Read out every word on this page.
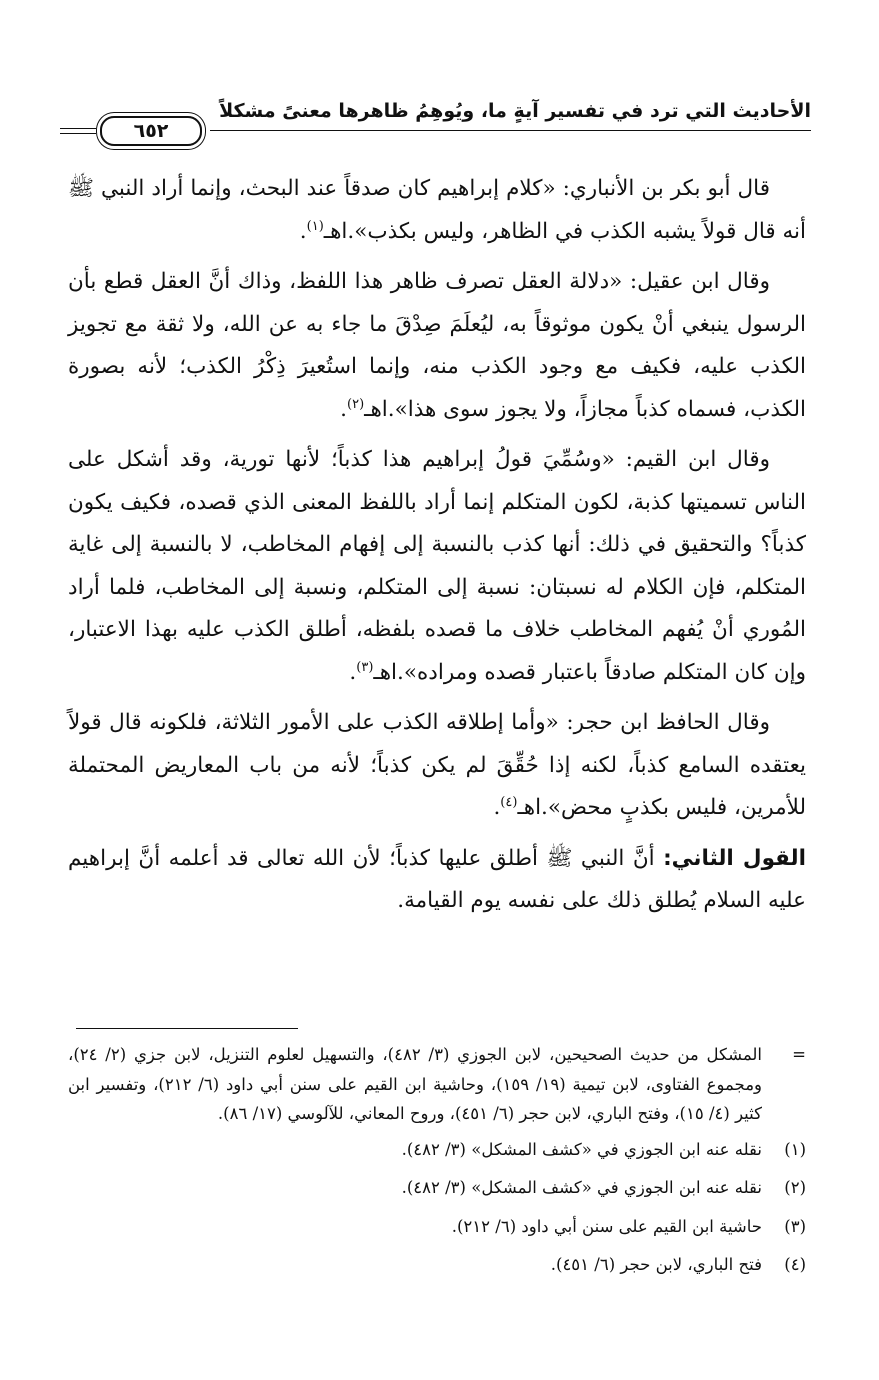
الأحاديث التي ترد في تفسير آيةٍ ما، ويُوهِمُ ظاهرها معنىً مشكلاً
٦٥٢

قال أبو بكر بن الأنباري: «كلام إبراهيم كان صدقاً عند البحث، وإنما أراد النبي ﷺ أنه قال قولاً يشبه الكذب في الظاهر، وليس بكذب».اهـ$^{(١)}$.

وقال ابن عقيل: «دلالة العقل تصرف ظاهر هذا اللفظ، وذاك أنَّ العقل قطع بأن الرسول ينبغي أنْ يكون موثوقاً به، ليُعلَمَ صِدْقَ ما جاء به عن الله، ولا ثقة مع تجويز الكذب عليه، فكيف مع وجود الكذب منه، وإنما استُعيرَ ذِكْرُ الكذب؛ لأنه بصورة الكذب، فسماه كذباً مجازاً، ولا يجوز سوى هذا».اهـ$^{(٢)}$.

وقال ابن القيم: «وسُمِّيَ قولُ إبراهيم هذا كذباً؛ لأنها تورية، وقد أشكل على الناس تسميتها كذبة، لكون المتكلم إنما أراد باللفظ المعنى الذي قصده، فكيف يكون كذباً؟ والتحقيق في ذلك: أنها كذب بالنسبة إلى إفهام المخاطب، لا بالنسبة إلى غاية المتكلم، فإن الكلام له نسبتان: نسبة إلى المتكلم، ونسبة إلى المخاطب، فلما أراد المُوري أنْ يُفهم المخاطب خلاف ما قصده بلفظه، أطلق الكذب عليه بهذا الاعتبار، وإن كان المتكلم صادقاً باعتبار قصده ومراده».اهـ$^{(٣)}$.

وقال الحافظ ابن حجر: «وأما إطلاقه الكذب على الأمور الثلاثة، فلكونه قال قولاً يعتقده السامع كذباً، لكنه إذا حُقِّقَ لم يكن كذباً؛ لأنه من باب المعاريض المحتملة للأمرين، فليس بكذبٍ محض».اهـ$^{(٤)}$.

القول الثاني: أنَّ النبي ﷺ أطلق عليها كذباً؛ لأن الله تعالى قد أعلمه أنَّ إبراهيم عليه السلام يُطلق ذلك على نفسه يوم القيامة.

=
المشكل من حديث الصحيحين، لابن الجوزي (٣/ ٤٨٢)، والتسهيل لعلوم التنزيل، لابن جزي (٢/ ٢٤)، ومجموع الفتاوى، لابن تيمية (١٩/ ١٥٩)، وحاشية ابن القيم على سنن أبي داود (٦/ ٢١٢)، وتفسير ابن كثير (٤/ ١٥)، وفتح الباري، لابن حجر (٦/ ٤٥١)، وروح المعاني، للآلوسي (١٧/ ٨٦).
(١)
نقله عنه ابن الجوزي في «كشف المشكل» (٣/ ٤٨٢).
(٢)
نقله عنه ابن الجوزي في «كشف المشكل» (٣/ ٤٨٢).
(٣)
حاشية ابن القيم على سنن أبي داود (٦/ ٢١٢).
(٤)
فتح الباري، لابن حجر (٦/ ٤٥١).
